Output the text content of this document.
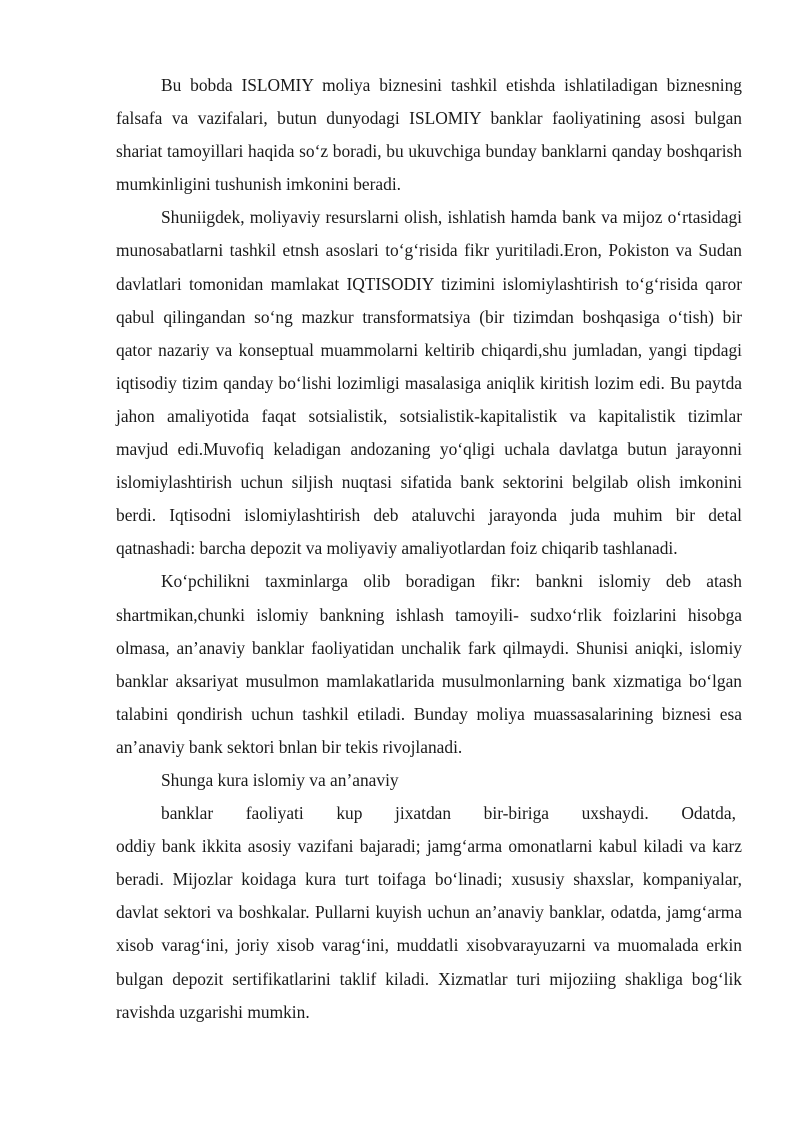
Bu bobda ISLOMIY moliya biznesini tashkil etishda ishlatiladigan biznesning falsafa va vazifalari, butun dunyodagi ISLOMIY banklar faoliyatining asosi bulgan shariat tamoyillari haqida so‘z boradi, bu ukuvchiga bunday banklarni qanday boshqarish mumkinligini tushunish imkonini beradi.

Shuniigdek, moliyaviy resurslarni olish, ishlatish hamda bank va mijoz o‘rtasidagi munosabatlarni tashkil etnsh asoslari to‘g‘risida fikr yuritiladi.Eron, Pokiston va Sudan davlatlari tomonidan mamlakat IQTISODIY tizimini islomiylashtirish to‘g‘risida qaror qabul qilingandan so‘ng mazkur transformatsiya (bir tizimdan boshqasiga o‘tish) bir qator nazariy va konseptual muammolarni keltirib chiqardi,shu jumladan, yangi tipdagi iqtisodiy tizim qanday bo‘lishi lozimligi masalasiga aniqlik kiritish lozim edi. Bu paytda jahon amaliyotida faqat sotsialistik, sotsialistik-kapitalistik va kapitalistik tizimlar mavjud edi.Muvofiq keladigan andozaning yo‘qligi uchala davlatga butun jarayonni islomiylashtirish uchun siljish nuqtasi sifatida bank sektorini belgilab olish imkonini berdi. Iqtisodni islomiylashtirish deb ataluvchi jarayonda juda muhim bir detal qatnashadi: barcha depozit va moliyaviy amaliyotlardan foiz chiqarib tashlanadi.

Ko‘pchilikni taxminlarga olib boradigan fikr: bankni islomiy deb atash shartmikan,chunki islomiy bankning ishlash tamoyili- sudxo‘rlik foizlarini hisobga olmasa, an’anaviy banklar faoliyatidan unchalik fark qilmaydi. Shunisi aniqki, islomiy banklar aksariyat musulmon mamlakatlarida musulmonlarning bank xizmatiga bo‘lgan talabini qondirish uchun tashkil etiladi. Bunday moliya muassasalarining biznesi esa an’anaviy bank sektori bnlan bir tekis rivojlanadi.

Shunga kura islomiy va an’anaviy

banklar faoliyati kup jixatdan bir-biriga uxshaydi. Odatda,

oddiy bank ikkita asosiy vazifani bajaradi; jamg‘arma omonatlarni kabul kiladi va karz beradi. Mijozlar koidaga kura turt toifaga bo‘linadi; xususiy shaxslar, kompaniyalar, davlat sektori va boshkalar. Pullarni kuyish uchun an’anaviy banklar, odatda, jamg‘arma xisob varag‘ini, joriy xisob varag‘ini, muddatli xisobvarayuzarni va muomalada erkin bulgan depozit sertifikatlarini taklif kiladi. Xizmatlar turi mijoziing shakliga bog‘lik ravishda uzgarishi mumkin.
